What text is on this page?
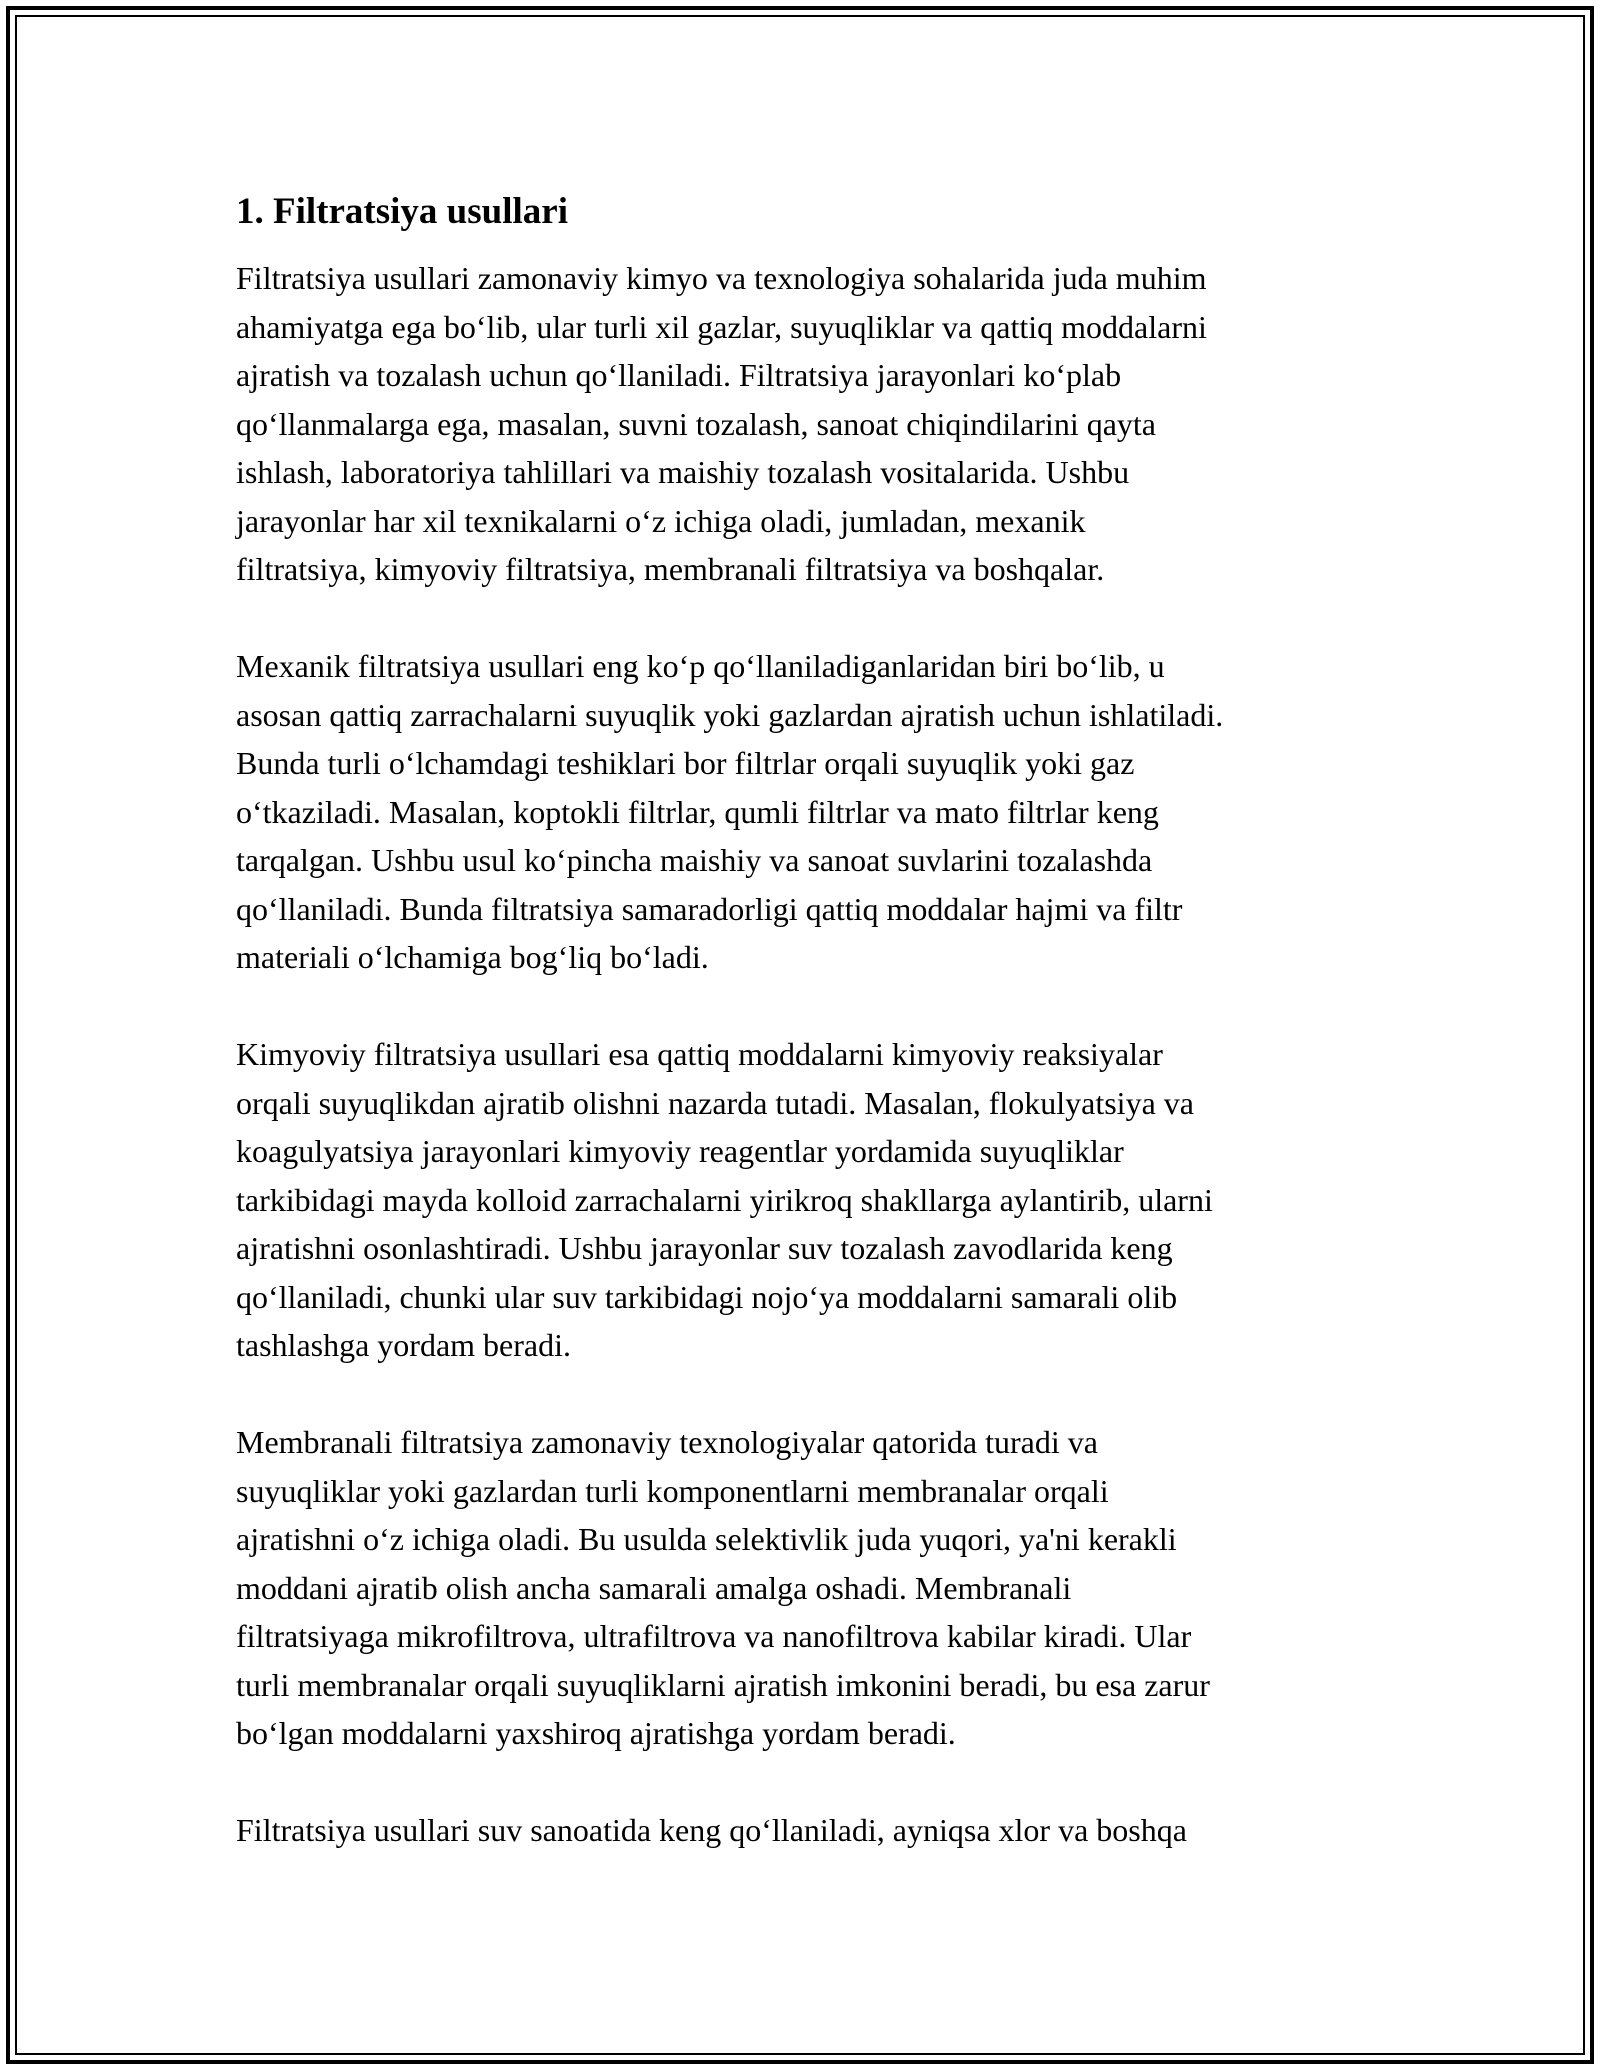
1. Filtratsiya usullari

Filtratsiya usullari zamonaviy kimyo va texnologiya sohalarida juda muhim
ahamiyatga ega bo‘lib, ular turli xil gazlar, suyuqliklar va qattiq moddalarni
ajratish va tozalash uchun qo‘llaniladi. Filtratsiya jarayonlari ko‘plab
qo‘llanmalarga ega, masalan, suvni tozalash, sanoat chiqindilarini qayta
ishlash, laboratoriya tahlillari va maishiy tozalash vositalarida. Ushbu
jarayonlar har xil texnikalarni o‘z ichiga oladi, jumladan, mexanik
filtratsiya, kimyoviy filtratsiya, membranali filtratsiya va boshqalar.

Mexanik filtratsiya usullari eng ko‘p qo‘llaniladiganlaridan biri bo‘lib, u
asosan qattiq zarrachalarni suyuqlik yoki gazlardan ajratish uchun ishlatiladi.
Bunda turli o‘lchamdagi teshiklari bor filtrlar orqali suyuqlik yoki gaz
o‘tkaziladi. Masalan, koptokli filtrlar, qumli filtrlar va mato filtrlar keng
tarqalgan. Ushbu usul ko‘pincha maishiy va sanoat suvlarini tozalashda
qo‘llaniladi. Bunda filtratsiya samaradorligi qattiq moddalar hajmi va filtr
materiali o‘lchamiga bog‘liq bo‘ladi.

Kimyoviy filtratsiya usullari esa qattiq moddalarni kimyoviy reaksiyalar
orqali suyuqlikdan ajratib olishni nazarda tutadi. Masalan, flokulyatsiya va
koagulyatsiya jarayonlari kimyoviy reagentlar yordamida suyuqliklar
tarkibidagi mayda kolloid zarrachalarni yirikroq shakllarga aylantirib, ularni
ajratishni osonlashtiradi. Ushbu jarayonlar suv tozalash zavodlarida keng
qo‘llaniladi, chunki ular suv tarkibidagi nojo‘ya moddalarni samarali olib
tashlashga yordam beradi.

Membranali filtratsiya zamonaviy texnologiyalar qatorida turadi va
suyuqliklar yoki gazlardan turli komponentlarni membranalar orqali
ajratishni o‘z ichiga oladi. Bu usulda selektivlik juda yuqori, ya'ni kerakli
moddani ajratib olish ancha samarali amalga oshadi. Membranali
filtratsiyaga mikrofiltrova, ultrafiltrova va nanofiltrova kabilar kiradi. Ular
turli membranalar orqali suyuqliklarni ajratish imkonini beradi, bu esa zarur
bo‘lgan moddalarni yaxshiroq ajratishga yordam beradi.

Filtratsiya usullari suv sanoatida keng qo‘llaniladi, ayniqsa xlor va boshqa
